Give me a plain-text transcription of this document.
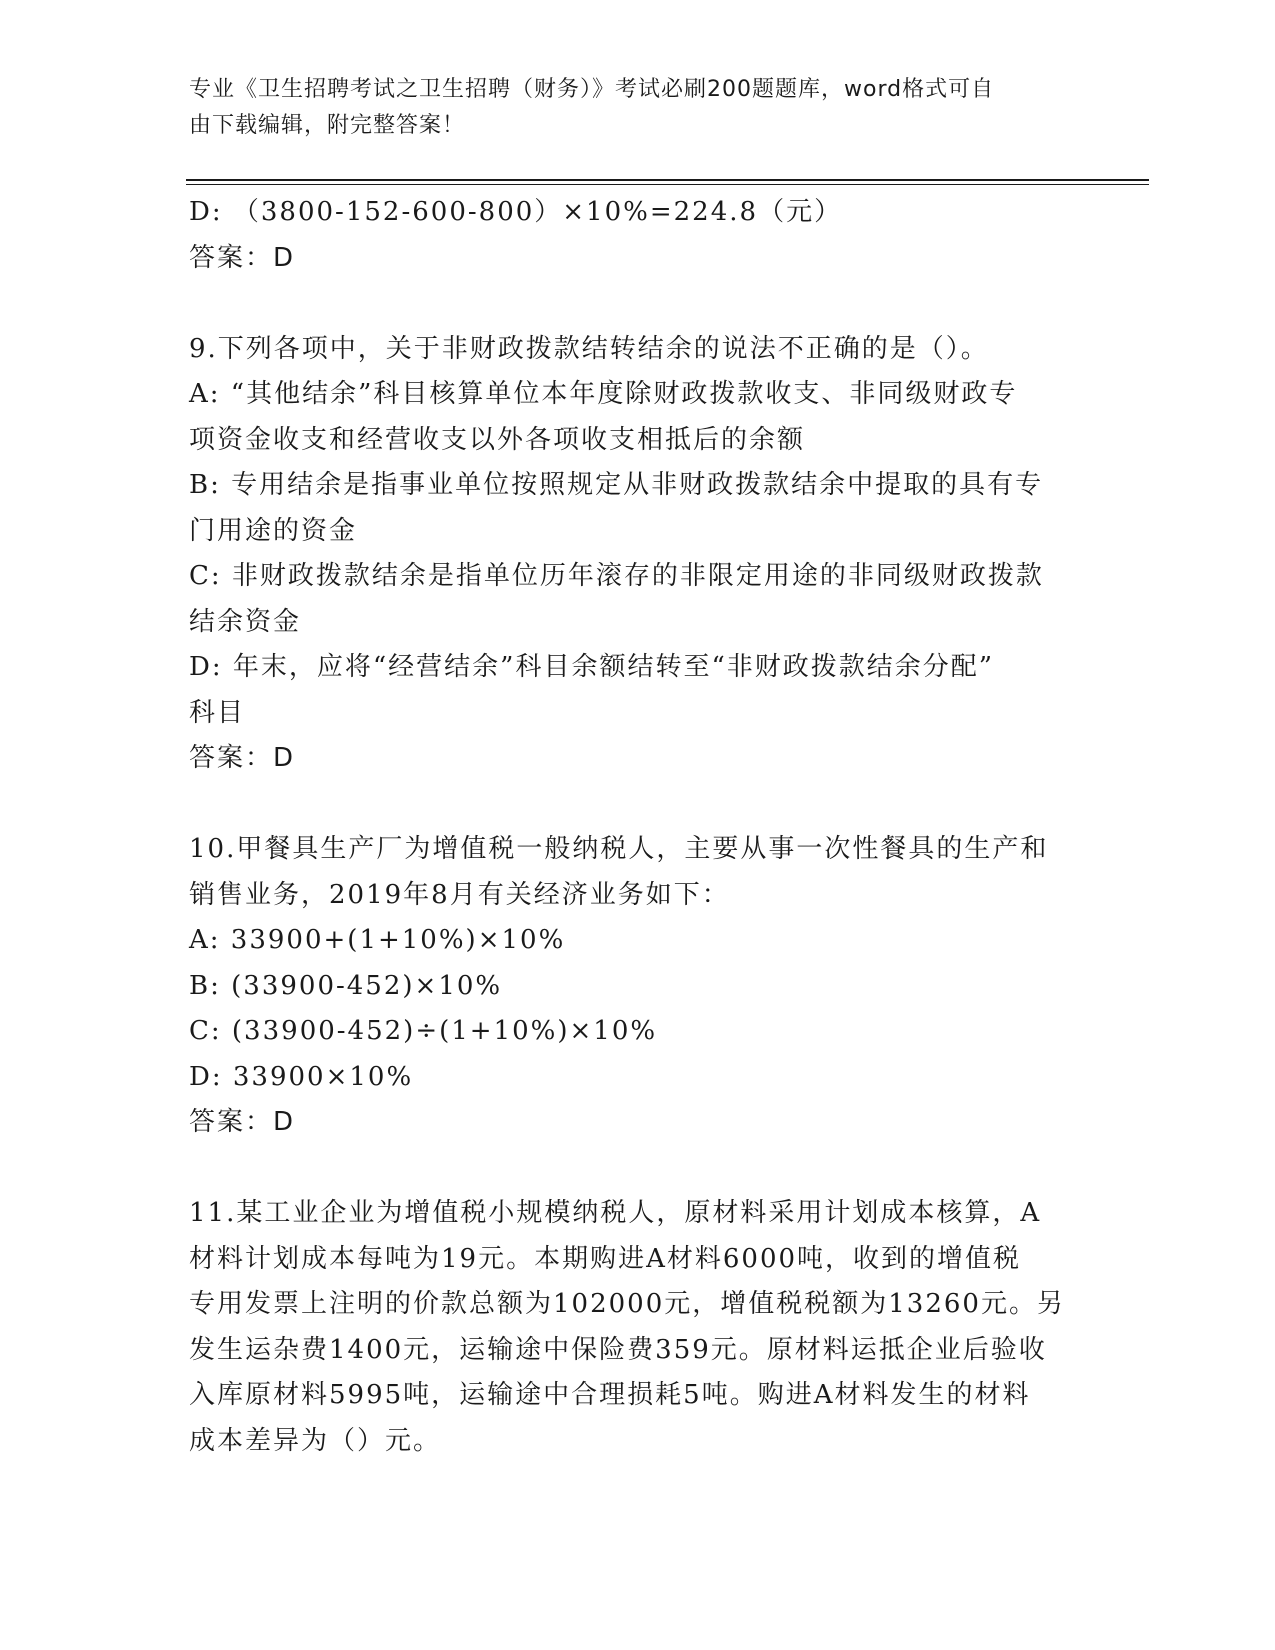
专业《卫生招聘考试之卫生招聘（财务）》考试必刷200题题库，word格式可自
由下载编辑，附完整答案！
D: （3800-152-600-800）×10%=224.8（元）
答案：D
9.下列各项中，关于非财政拨款结转结余的说法不正确的是（）。
A: “其他结余”科目核算单位本年度除财政拨款收支、非同级财政专
项资金收支和经营收支以外各项收支相抵后的余额
B: 专用结余是指事业单位按照规定从非财政拨款结余中提取的具有专
门用途的资金
C: 非财政拨款结余是指单位历年滚存的非限定用途的非同级财政拨款
结余资金
D: 年末，应将“经营结余”科目余额结转至“非财政拨款结余分配”
科目
答案：D
10.甲餐具生产厂为增值税一般纳税人，主要从事一次性餐具的生产和
销售业务，2019年8月有关经济业务如下：
A: 33900+(1+10%)×10%
B: (33900-452)×10%
C: (33900-452)÷(1+10%)×10%
D: 33900×10%
答案：D
11.某工业企业为增值税小规模纳税人，原材料采用计划成本核算，A
材料计划成本每吨为19元。本期购进A材料6000吨，收到的增值税
专用发票上注明的价款总额为102000元，增值税税额为13260元。另
发生运杂费1400元，运输途中保险费359元。原材料运抵企业后验收
入库原材料5995吨，运输途中合理损耗5吨。购进A材料发生的材料
成本差异为（）元。
